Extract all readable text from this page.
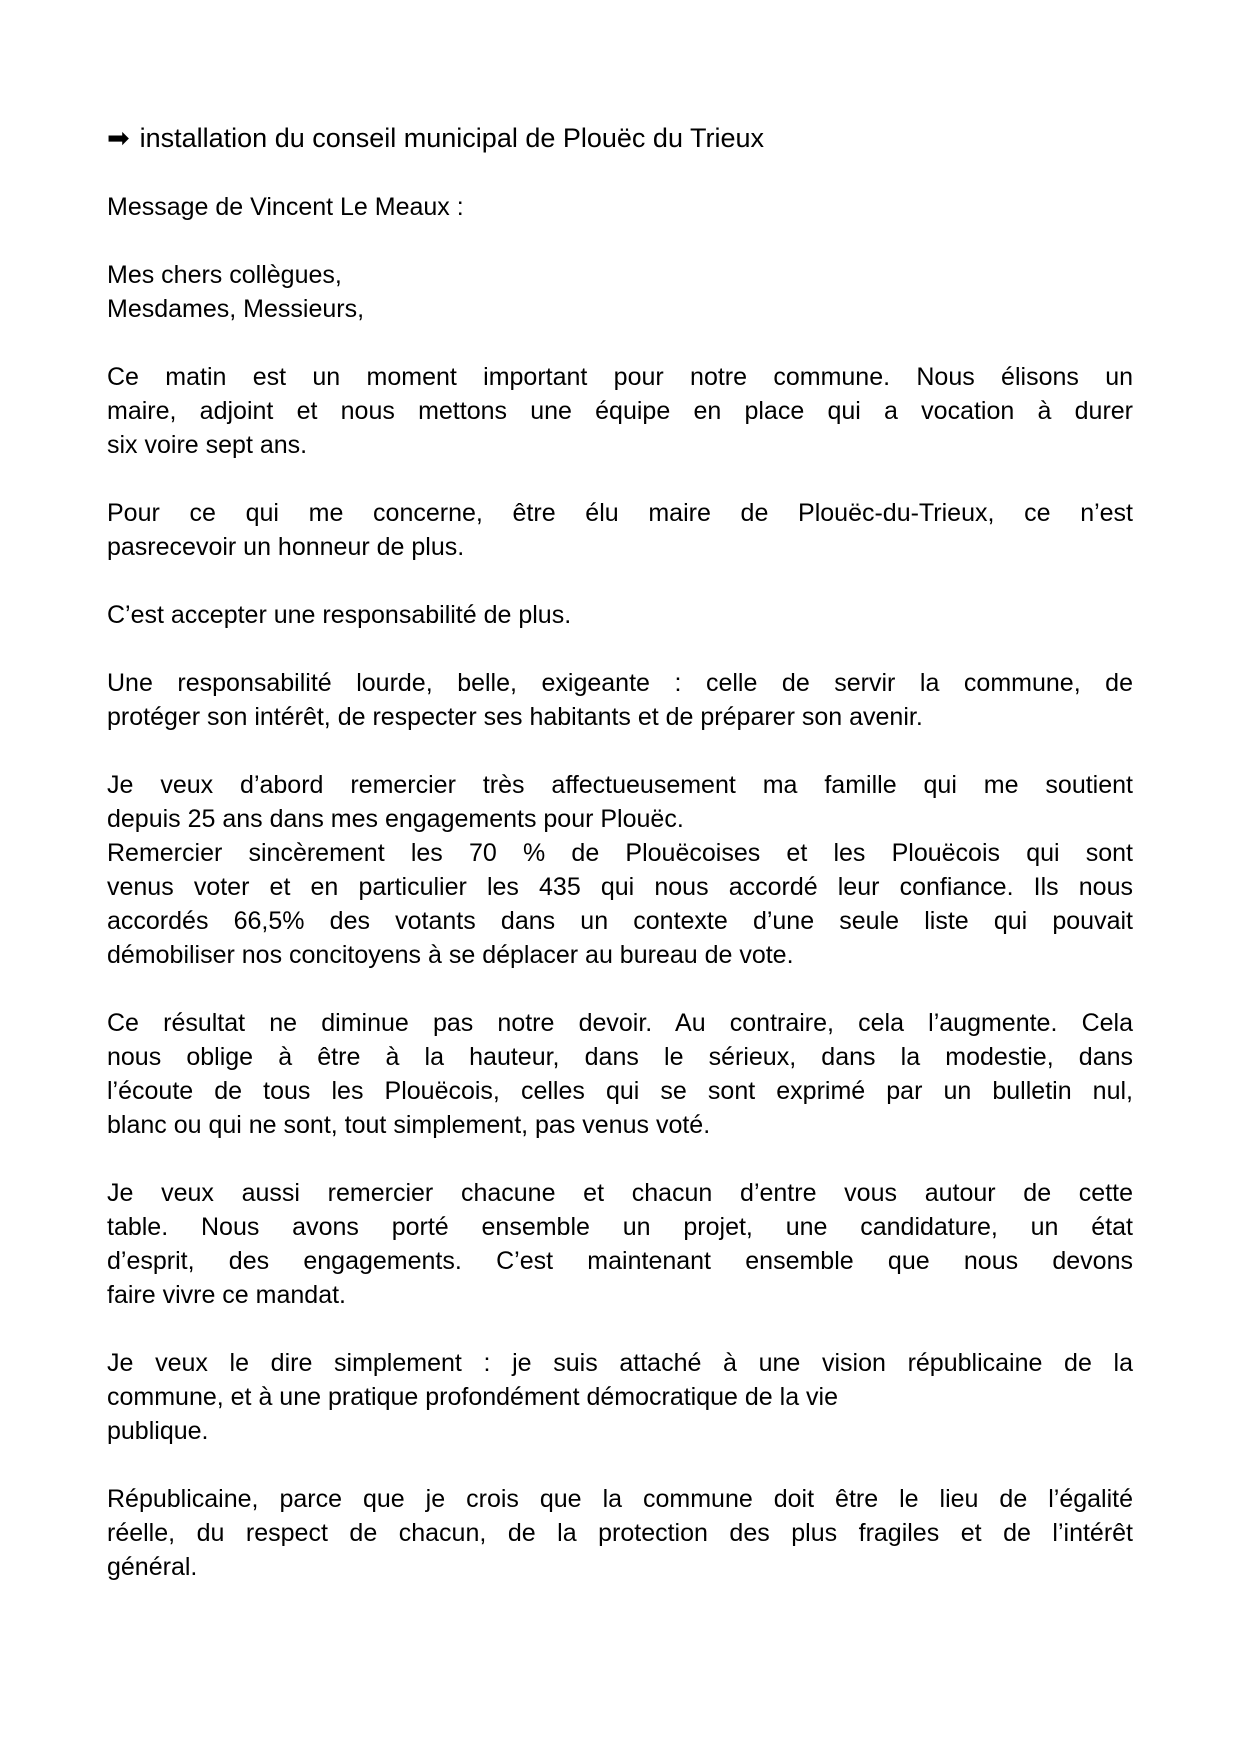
➡ installation du conseil municipal de Plouëc du Trieux
Message de Vincent Le Meaux :
Mes chers collègues,
Mesdames, Messieurs,
Ce matin est un moment important pour notre commune. Nous élisons un
maire, adjoint et nous mettons une équipe en place qui a vocation à durer
six voire sept ans.
Pour ce qui me concerne, être élu maire de Plouëc-du-Trieux, ce n’est
pasrecevoir un honneur de plus.
C’est accepter une responsabilité de plus.
Une responsabilité lourde, belle, exigeante : celle de servir la commune, de
protéger son intérêt, de respecter ses habitants et de préparer son avenir.
Je veux d’abord remercier très affectueusement ma famille qui me soutient
depuis 25 ans dans mes engagements pour Plouëc.
Remercier sincèrement les 70 % de Plouëcoises et les Plouëcois qui sont
venus voter et en particulier les 435 qui nous accordé leur confiance. Ils nous
accordés 66,5% des votants dans un contexte d’une seule liste qui pouvait
démobiliser nos concitoyens à se déplacer au bureau de vote.
Ce résultat ne diminue pas notre devoir. Au contraire, cela l’augmente. Cela
nous oblige à être à la hauteur, dans le sérieux, dans la modestie, dans
l’écoute de tous les Plouëcois, celles qui se sont exprimé par un bulletin nul,
blanc ou qui ne sont, tout simplement, pas venus voté.
Je veux aussi remercier chacune et chacun d’entre vous autour de cette
table. Nous avons porté ensemble un projet, une candidature, un état
d’esprit, des engagements. C’est maintenant ensemble que nous devons
faire vivre ce mandat.
Je veux le dire simplement : je suis attaché à une vision républicaine de la
commune, et à une pratique profondément démocratique de la vie
publique.
Républicaine, parce que je crois que la commune doit être le lieu de l’égalité
réelle, du respect de chacun, de la protection des plus fragiles et de l’intérêt
général.
